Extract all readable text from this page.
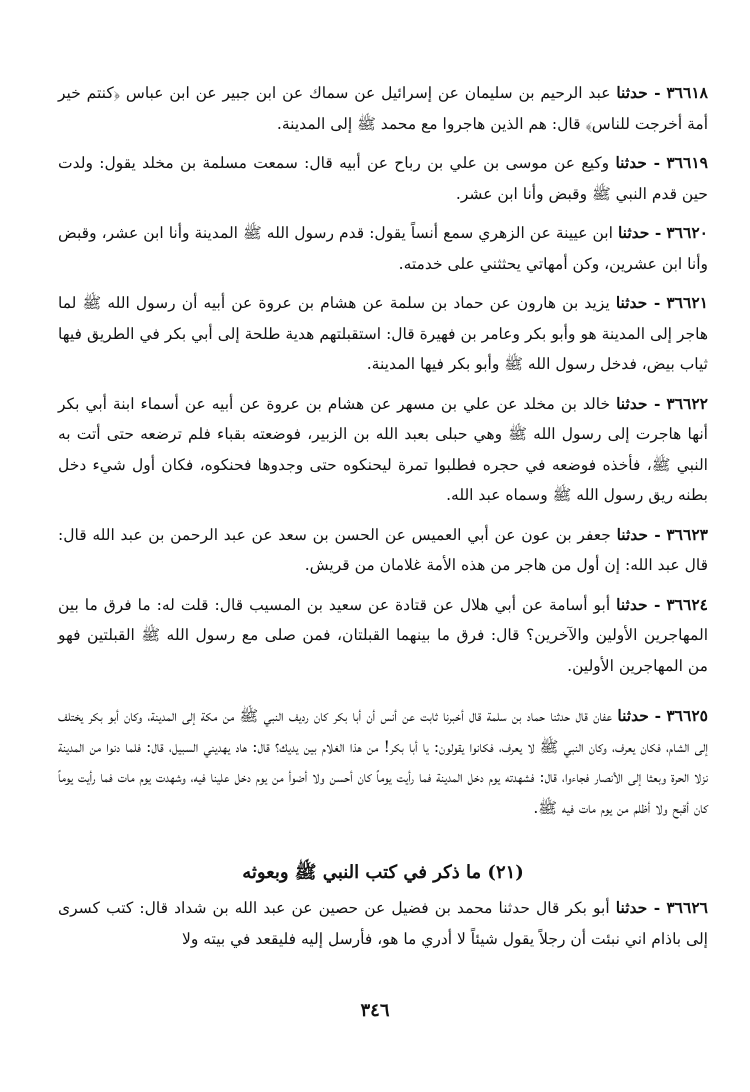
٣٦٦١٨ - حدثنا عبد الرحيم بن سليمان عن إسرائيل عن سماك عن ابن جبير عن ابن عباس ﴿كنتم خير أمة أخرجت للناس﴾ قال: هم الذين هاجروا مع محمد ﷺ إلى المدينة.

٣٦٦١٩ - حدثنا وكيع عن موسى بن علي بن رباح عن أبيه قال: سمعت مسلمة بن مخلد يقول: ولدت حين قدم النبي ﷺ وقبض وأنا ابن عشر.

٣٦٦٢٠ - حدثنا ابن عيينة عن الزهري سمع أنساً يقول: قدم رسول الله ﷺ المدينة وأنا ابن عشر، وقبض وأنا ابن عشرين، وكن أمهاتي يحثثني على خدمته.

٣٦٦٢١ - حدثنا يزيد بن هارون عن حماد بن سلمة عن هشام بن عروة عن أبيه أن رسول الله ﷺ لما هاجر إلى المدينة هو وأبو بكر وعامر بن فهيرة قال: استقبلتهم هدية طلحة إلى أبي بكر في الطريق فيها ثياب بيض، فدخل رسول الله ﷺ وأبو بكر فيها المدينة.

٣٦٦٢٢ - حدثنا خالد بن مخلد عن علي بن مسهر عن هشام بن عروة عن أبيه عن أسماء ابنة أبي بكر أنها هاجرت إلى رسول الله ﷺ وهي حبلى بعبد الله بن الزبير، فوضعته بقباء فلم ترضعه حتى أتت به النبي ﷺ، فأخذه فوضعه في حجره فطلبوا تمرة ليحنكوه حتى وجدوها فحنكوه، فكان أول شيء دخل بطنه ريق رسول الله ﷺ وسماه عبد الله.

٣٦٦٢٣ - حدثنا جعفر بن عون عن أبي العميس عن الحسن بن سعد عن عبد الرحمن بن عبد الله قال: قال عبد الله: إن أول من هاجر من هذه الأمة غلامان من قريش.

٣٦٦٢٤ - حدثنا أبو أسامة عن أبي هلال عن قتادة عن سعيد بن المسيب قال: قلت له: ما فرق ما بين المهاجرين الأولين والآخرين؟ قال: فرق ما بينهما القبلتان، فمن صلى مع رسول الله ﷺ القبلتين فهو من المهاجرين الأولين.

٣٦٦٢٥ - حدثنا عفان قال حدثنا حماد بن سلمة قال أخبرنا ثابت عن أنس أن أبا بكر كان رديف النبي ﷺ من مكة إلى المدينة، وكان أبو بكر يختلف إلى الشام، فكان يعرف، وكان النبي ﷺ لا يعرف، فكانوا يقولون: يا أبا بكر! من هذا الغلام بين يديك؟ قال: هاد يهديني السبيل، قال: فلما دنوا من المدينة نزلا الحرة وبعثا إلى الأنصار فجاءوا، قال: فشهدته يوم دخل المدينة فما رأيت يوماً كان أحسن ولا أضوأ من يوم دخل علينا فيه، وشهدت يوم مات فما رأيت يوماً كان أقبح ولا أظلم من يوم مات فيه ﷺ.

(٢١) ما ذكر في كتب النبي ﷺ وبعوثه

٣٦٦٢٦ - حدثنا أبو بكر قال حدثنا محمد بن فضيل عن حصين عن عبد الله بن شداد قال: كتب كسرى إلى باذام اني نبئت أن رجلاً يقول شيئاً لا أدري ما هو، فأرسل إليه فليقعد في بيته ولا

٣٤٦
